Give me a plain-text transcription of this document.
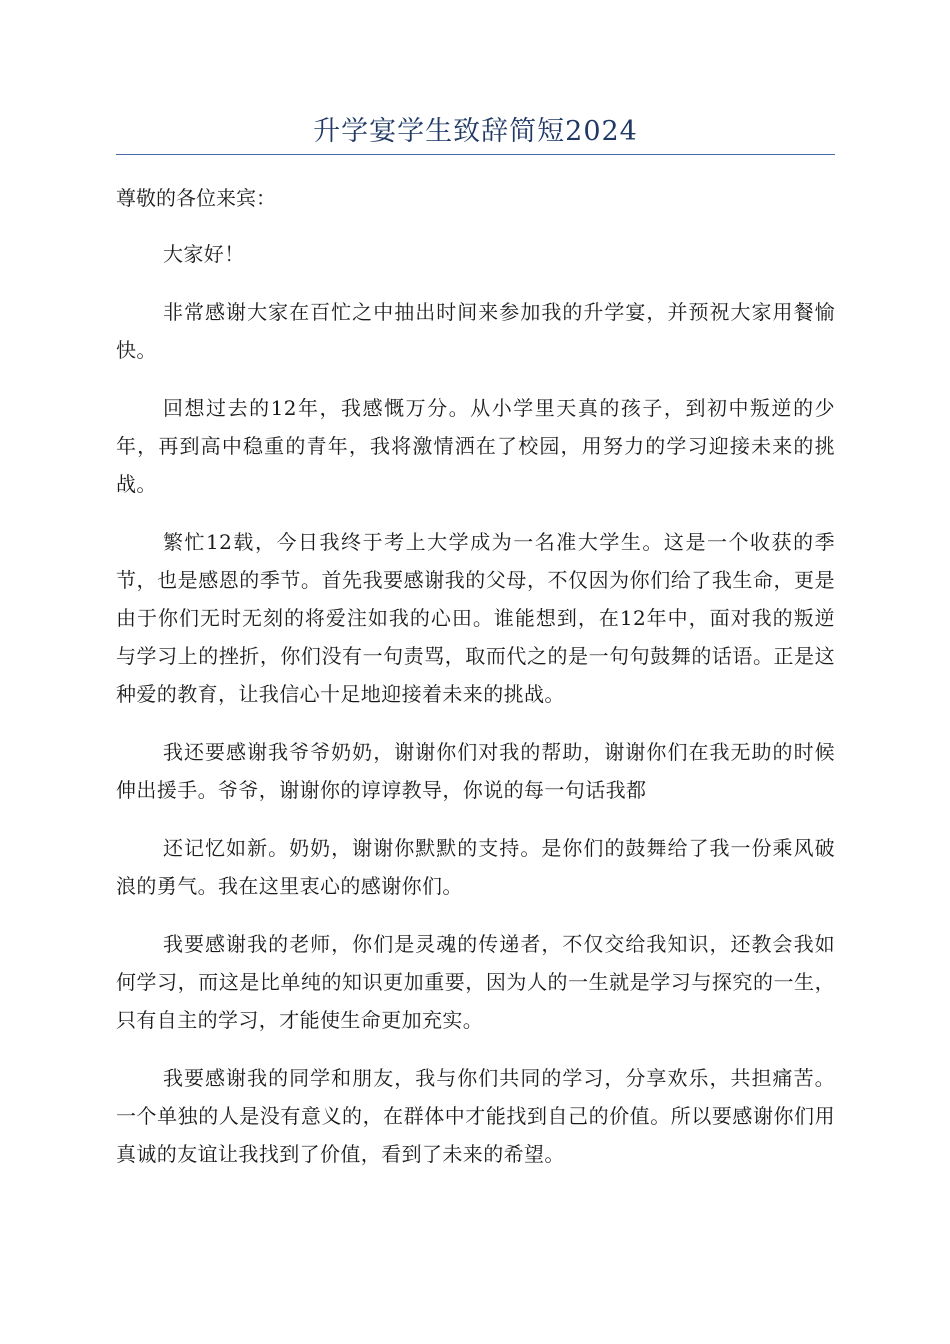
升学宴学生致辞简短2024

尊敬的各位来宾：

大家好！

非常感谢大家在百忙之中抽出时间来参加我的升学宴，并预祝大家用餐愉快。

回想过去的12年，我感慨万分。从小学里天真的孩子，到初中叛逆的少年，再到高中稳重的青年，我将激情洒在了校园，用努力的学习迎接未来的挑战。

繁忙12载，今日我终于考上大学成为一名准大学生。这是一个收获的季节，也是感恩的季节。首先我要感谢我的父母，不仅因为你们给了我生命，更是由于你们无时无刻的将爱注如我的心田。谁能想到，在12年中，面对我的叛逆与学习上的挫折，你们没有一句责骂，取而代之的是一句句鼓舞的话语。正是这种爱的教育，让我信心十足地迎接着未来的挑战。

我还要感谢我爷爷奶奶，谢谢你们对我的帮助，谢谢你们在我无助的时候伸出援手。爷爷，谢谢你的谆谆教导，你说的每一句话我都

还记忆如新。奶奶，谢谢你默默的支持。是你们的鼓舞给了我一份乘风破浪的勇气。我在这里衷心的感谢你们。

我要感谢我的老师，你们是灵魂的传递者，不仅交给我知识，还教会我如何学习，而这是比单纯的知识更加重要，因为人的一生就是学习与探究的一生，只有自主的学习，才能使生命更加充实。

我要感谢我的同学和朋友，我与你们共同的学习，分享欢乐，共担痛苦。一个单独的人是没有意义的，在群体中才能找到自己的价值。所以要感谢你们用真诚的友谊让我找到了价值，看到了未来的希望。
